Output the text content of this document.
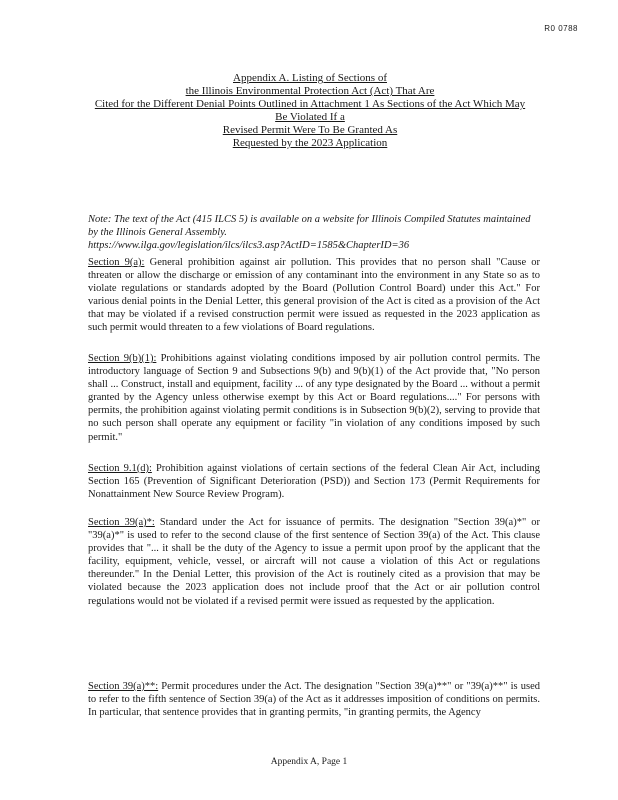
R0 0788
Appendix A. Listing of Sections of
the Illinois Environmental Protection Act (Act) That Are
Cited for the Different Denial Points Outlined in Attachment 1 As Sections of the Act Which May
Be Violated If a
Revised Permit Were To Be Granted As
Requested by the 2023 Application
Note: The text of the Act (415 ILCS 5) is available on a website for Illinois Compiled Statutes maintained by the Illinois General Assembly.
https://www.ilga.gov/legislation/ilcs/ilcs3.asp?ActID=1585&ChapterID=36
Section 9(a): General prohibition against air pollution. This provides that no person shall "Cause or threaten or allow the discharge or emission of any contaminant into the environment in any State so as to violate regulations or standards adopted by the Board (Pollution Control Board) under this Act." For various denial points in the Denial Letter, this general provision of the Act is cited as a provision of the Act that may be violated if a revised construction permit were issued as requested in the 2023 application as such permit would threaten to a few violations of Board regulations.
Section 9(b)(1): Prohibitions against violating conditions imposed by air pollution control permits. The introductory language of Section 9 and Subsections 9(b) and 9(b)(1) of the Act provide that, "No person shall ... Construct, install and equipment, facility ... of any type designated by the Board ... without a permit granted by the Agency unless otherwise exempt by this Act or Board regulations...." For persons with permits, the prohibition against violating permit conditions is in Subsection 9(b)(2), serving to provide that no such person shall operate any equipment or facility "in violation of any conditions imposed by such permit."
Section 9.1(d): Prohibition against violations of certain sections of the federal Clean Air Act, including Section 165 (Prevention of Significant Deterioration (PSD)) and Section 173 (Permit Requirements for Nonattainment New Source Review Program).
Section 39(a)*: Standard under the Act for issuance of permits. The designation "Section 39(a)*" or "39(a)*" is used to refer to the second clause of the first sentence of Section 39(a) of the Act. This clause provides that "... it shall be the duty of the Agency to issue a permit upon proof by the applicant that the facility, equipment, vehicle, vessel, or aircraft will not cause a violation of this Act or regulations thereunder." In the Denial Letter, this provision of the Act is routinely cited as a provision that may be violated because the 2023 application does not include proof that the Act or air pollution control regulations would not be violated if a revised permit were issued as requested by the application.
Section 39(a)**: Permit procedures under the Act. The designation "Section 39(a)**" or "39(a)**" is used to refer to the fifth sentence of Section 39(a) of the Act as it addresses imposition of conditions on permits. In particular, that sentence provides that in granting permits, "in granting permits, the Agency
Appendix A, Page 1
